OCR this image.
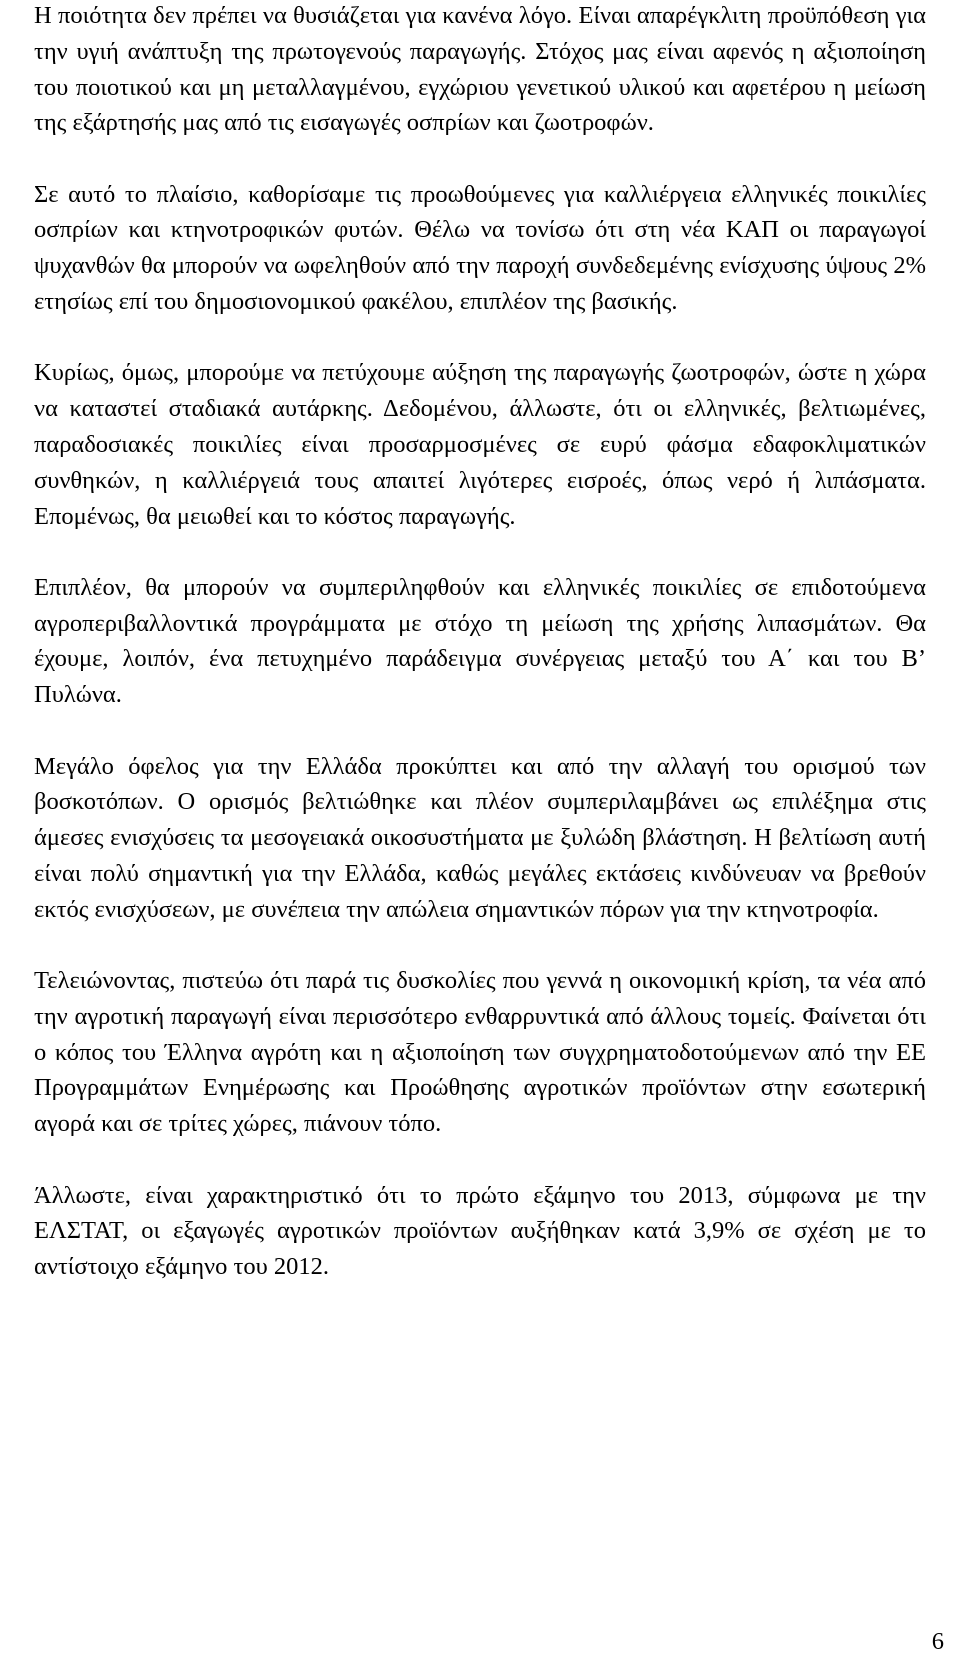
Η ποιότητα δεν πρέπει να θυσιάζεται για κανένα λόγο. Είναι απαρέγκλιτη προϋπόθεση για την υγιή ανάπτυξη της πρωτογενούς παραγωγής. Στόχος μας είναι αφενός η αξιοποίηση του ποιοτικού και μη μεταλλαγμένου, εγχώριου γενετικού υλικού και αφετέρου η μείωση της εξάρτησής μας από τις εισαγωγές οσπρίων και ζωοτροφών.

Σε αυτό το πλαίσιο, καθορίσαμε τις προωθούμενες για καλλιέργεια ελληνικές ποικιλίες οσπρίων και κτηνοτροφικών φυτών. Θέλω να τονίσω ότι στη νέα ΚΑΠ οι παραγωγοί ψυχανθών θα μπορούν να ωφεληθούν από την παροχή συνδεδεμένης ενίσχυσης ύψους 2% ετησίως επί του δημοσιονομικού φακέλου, επιπλέον της βασικής.

Κυρίως, όμως, μπορούμε να πετύχουμε αύξηση της παραγωγής ζωοτροφών, ώστε η χώρα να καταστεί σταδιακά αυτάρκης. Δεδομένου, άλλωστε, ότι οι ελληνικές, βελτιωμένες, παραδοσιακές ποικιλίες είναι προσαρμοσμένες σε ευρύ φάσμα εδαφοκλιματικών συνθηκών, η καλλιέργειά τους απαιτεί λιγότερες εισροές, όπως νερό ή λιπάσματα. Επομένως, θα μειωθεί και το κόστος παραγωγής.

Επιπλέον, θα μπορούν να συμπεριληφθούν και ελληνικές ποικιλίες σε επιδοτούμενα αγροπεριβαλλοντικά προγράμματα με στόχο τη μείωση της χρήσης λιπασμάτων. Θα έχουμε, λοιπόν, ένα πετυχημένο παράδειγμα συνέργειας μεταξύ του Α΄ και του Β’ Πυλώνα.

Μεγάλο όφελος για την Ελλάδα προκύπτει και από την αλλαγή του ορισμού των βοσκοτόπων. Ο ορισμός βελτιώθηκε και πλέον συμπεριλαμβάνει ως επιλέξημα στις άμεσες ενισχύσεις τα μεσογειακά οικοσυστήματα με ξυλώδη βλάστηση. Η βελτίωση αυτή είναι πολύ σημαντική για την Ελλάδα, καθώς μεγάλες εκτάσεις κινδύνευαν να βρεθούν εκτός ενισχύσεων, με συνέπεια την απώλεια σημαντικών πόρων για την κτηνοτροφία.

Τελειώνοντας, πιστεύω ότι παρά τις δυσκολίες που γεννά η οικονομική κρίση, τα νέα από την αγροτική παραγωγή είναι περισσότερο ενθαρρυντικά από άλλους τομείς. Φαίνεται ότι ο κόπος του Έλληνα αγρότη και η αξιοποίηση των συγχρηματοδοτούμενων από την ΕΕ Προγραμμάτων Ενημέρωσης και Προώθησης αγροτικών προϊόντων στην εσωτερική αγορά και σε τρίτες χώρες, πιάνουν τόπο.

Άλλωστε, είναι χαρακτηριστικό ότι το πρώτο εξάμηνο του 2013, σύμφωνα με την ΕΛΣΤΑΤ, οι εξαγωγές αγροτικών προϊόντων αυξήθηκαν κατά 3,9% σε σχέση με το αντίστοιχο εξάμηνο του 2012.

6
